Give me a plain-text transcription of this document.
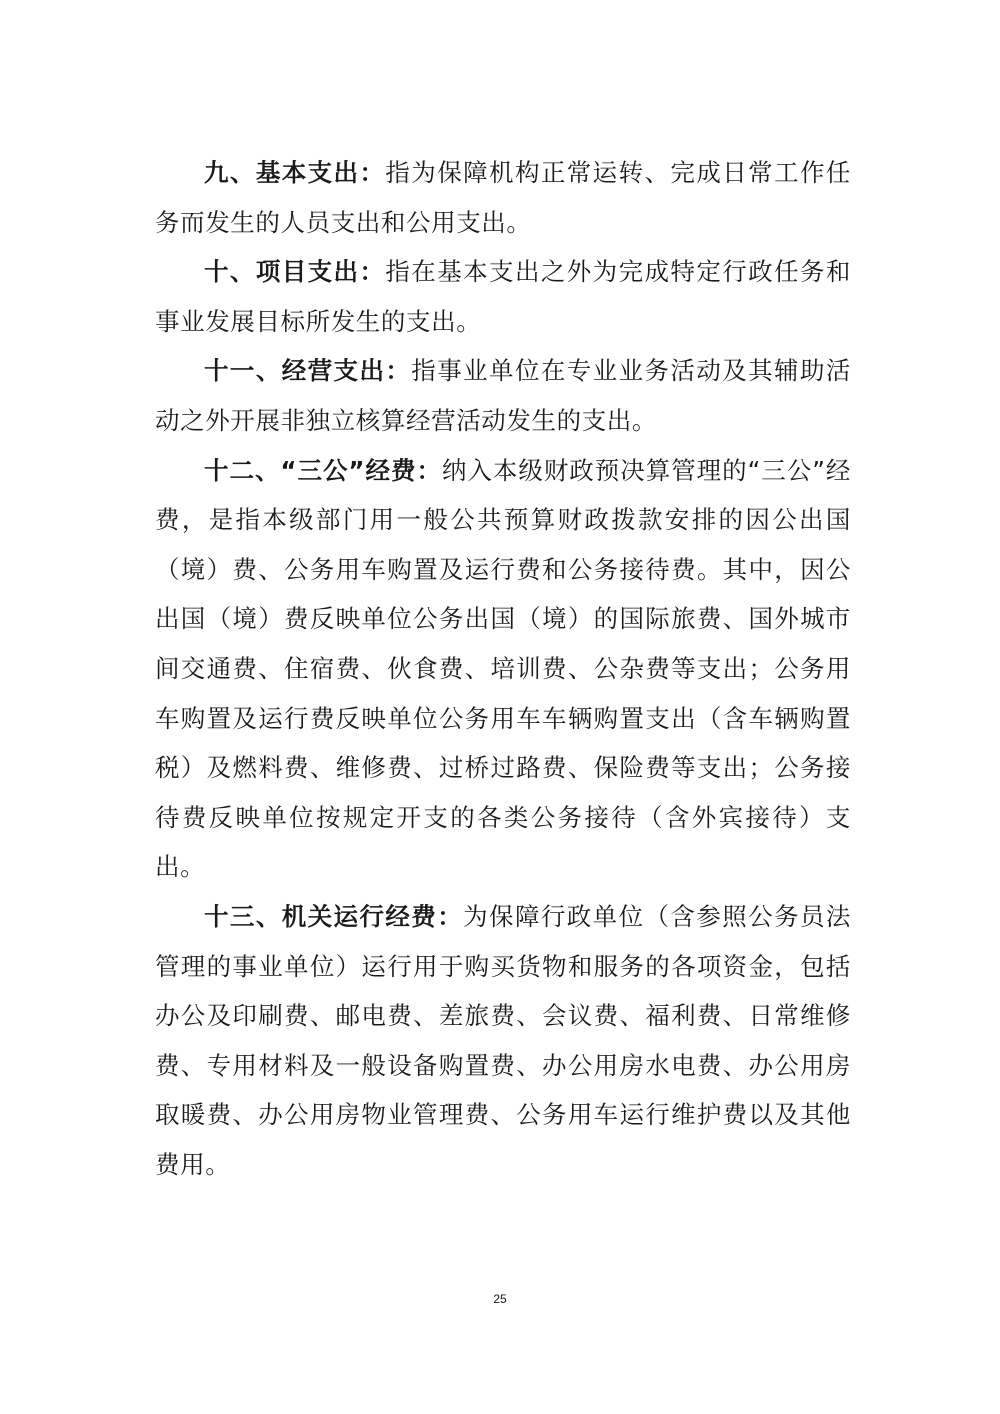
九、基本支出：指为保障机构正常运转、完成日常工作任务而发生的人员支出和公用支出。

十、项目支出：指在基本支出之外为完成特定行政任务和事业发展目标所发生的支出。

十一、经营支出：指事业单位在专业业务活动及其辅助活动之外开展非独立核算经营活动发生的支出。

十二、“三公”经费：纳入本级财政预决算管理的“三公”经费，是指本级部门用一般公共预算财政拨款安排的因公出国（境）费、公务用车购置及运行费和公务接待费。其中，因公出国（境）费反映单位公务出国（境）的国际旅费、国外城市间交通费、住宿费、伙食费、培训费、公杂费等支出；公务用车购置及运行费反映单位公务用车车辆购置支出（含车辆购置税）及燃料费、维修费、过桥过路费、保险费等支出；公务接待费反映单位按规定开支的各类公务接待（含外宾接待）支出。

十三、机关运行经费：为保障行政单位（含参照公务员法管理的事业单位）运行用于购买货物和服务的各项资金，包括办公及印刷费、邮电费、差旅费、会议费、福利费、日常维修费、专用材料及一般设备购置费、办公用房水电费、办公用房取暖费、办公用房物业管理费、公务用车运行维护费以及其他费用。

25
